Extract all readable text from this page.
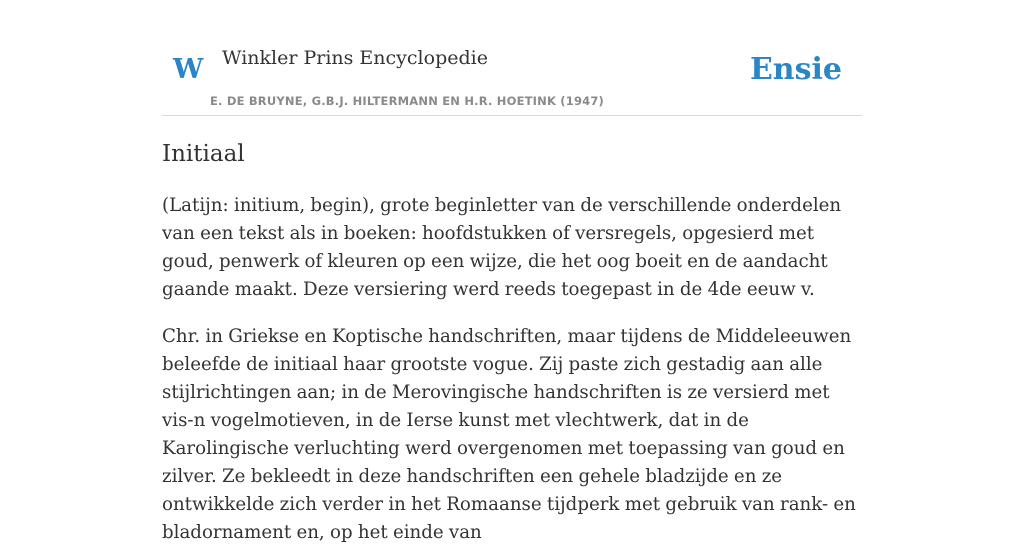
W Winkler Prins Encyclopedie
E. DE BRUYNE, G.B.J. HILTERMANN EN H.R. HOETINK (1947)
Ensie
Initiaal

(Latijn: initium, begin), grote beginletter van de verschillende onderdelen van een tekst als in boeken: hoofdstukken of versregels, opgesierd met goud, penwerk of kleuren op een wijze, die het oog boeit en de aandacht gaande maakt. Deze versiering werd reeds toegepast in de 4de eeuw v.

Chr. in Griekse en Koptische handschriften, maar tijdens de Middeleeuwen beleefde de initiaal haar grootste vogue. Zij paste zich gestadig aan alle stijlrichtingen aan; in de Merovingische handschriften is ze versierd met vis-n vogelmotieven, in de Ierse kunst met vlechtwerk, dat in de Karolingische verluchting werd overgenomen met toepassing van goud en zilver. Ze bekleedt in deze handschriften een gehele bladzijde en ze ontwikkelde zich verder in het Romaanse tijdperk met gebruik van rank- en bladornament en, op het einde van
